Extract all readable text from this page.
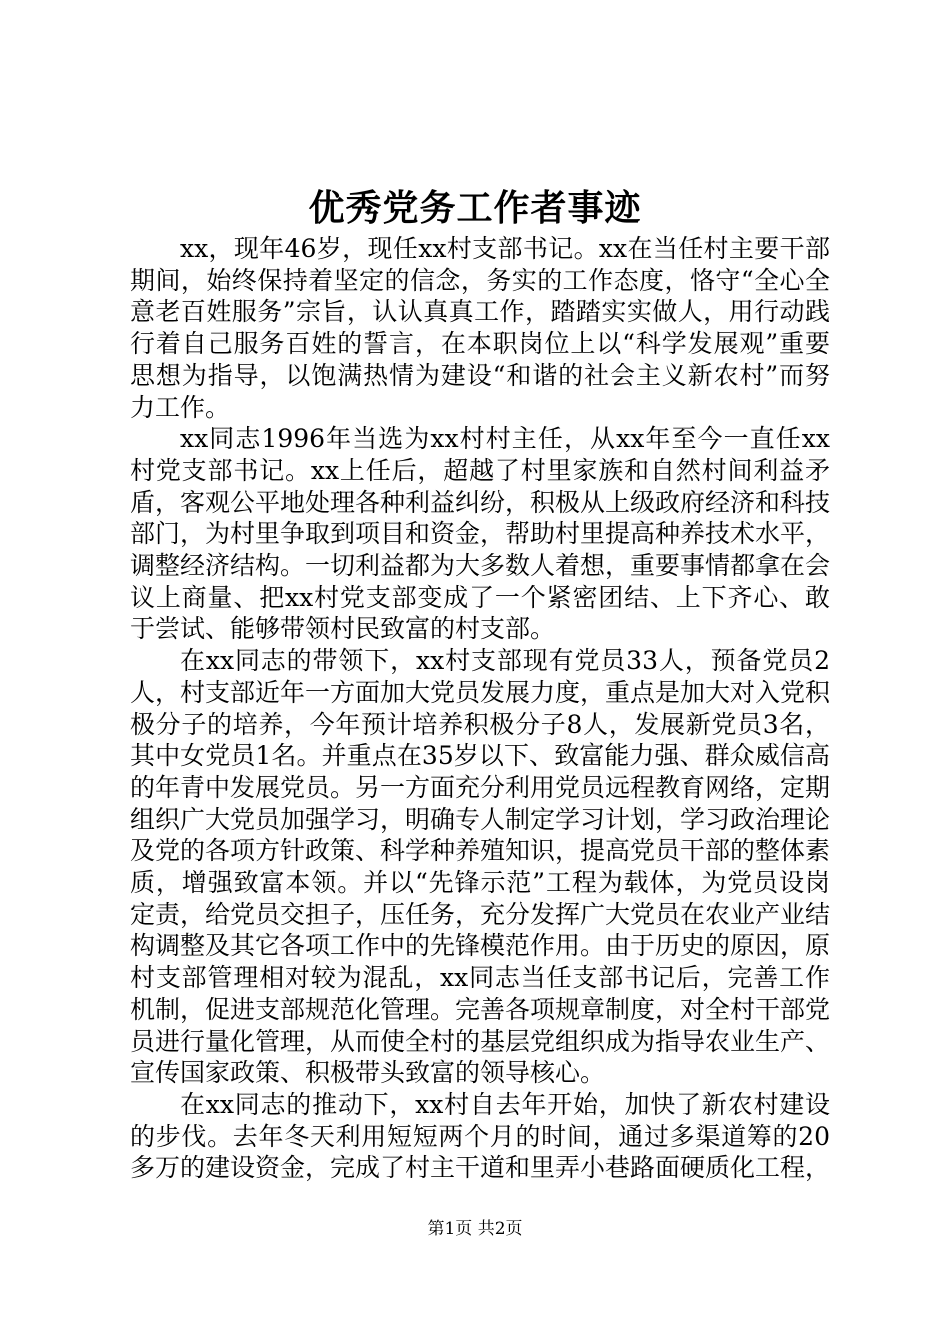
优秀党务工作者事迹

xx，现年46岁，现任xx村支部书记。xx在当任村主要干部期间，始终保持着坚定的信念，务实的工作态度，恪守“全心全意老百姓服务”宗旨，认认真真工作，踏踏实实做人，用行动践行着自己服务百姓的誓言，在本职岗位上以“科学发展观”重要思想为指导，以饱满热情为建设“和谐的社会主义新农村”而努力工作。

xx同志1996年当选为xx村村主任，从xx年至今一直任xx村党支部书记。xx上任后，超越了村里家族和自然村间利益矛盾，客观公平地处理各种利益纠纷，积极从上级政府经济和科技部门，为村里争取到项目和资金，帮助村里提高种养技术水平，调整经济结构。一切利益都为大多数人着想，重要事情都拿在会议上商量、把xx村党支部变成了一个紧密团结、上下齐心、敢于尝试、能够带领村民致富的村支部。

在xx同志的带领下，xx村支部现有党员33人，预备党员2人，村支部近年一方面加大党员发展力度，重点是加大对入党积极分子的培养，今年预计培养积极分子8人，发展新党员3名，其中女党员1名。并重点在35岁以下、致富能力强、群众威信高的年青中发展党员。另一方面充分利用党员远程教育网络，定期组织广大党员加强学习，明确专人制定学习计划，学习政治理论及党的各项方针政策、科学种养殖知识，提高党员干部的整体素质，增强致富本领。并以“先锋示范”工程为载体，为党员设岗定责，给党员交担子，压任务，充分发挥广大党员在农业产业结构调整及其它各项工作中的先锋模范作用。由于历史的原因，原村支部管理相对较为混乱，xx同志当任支部书记后，完善工作机制，促进支部规范化管理。完善各项规章制度，对全村干部党员进行量化管理，从而使全村的基层党组织成为指导农业生产、宣传国家政策、积极带头致富的领导核心。

在xx同志的推动下，xx村自去年开始，加快了新农村建设的步伐。去年冬天利用短短两个月的时间，通过多渠道筹的20多万的建设资金，完成了村主干道和里弄小巷路面硬质化工程，

第1页 共2页
